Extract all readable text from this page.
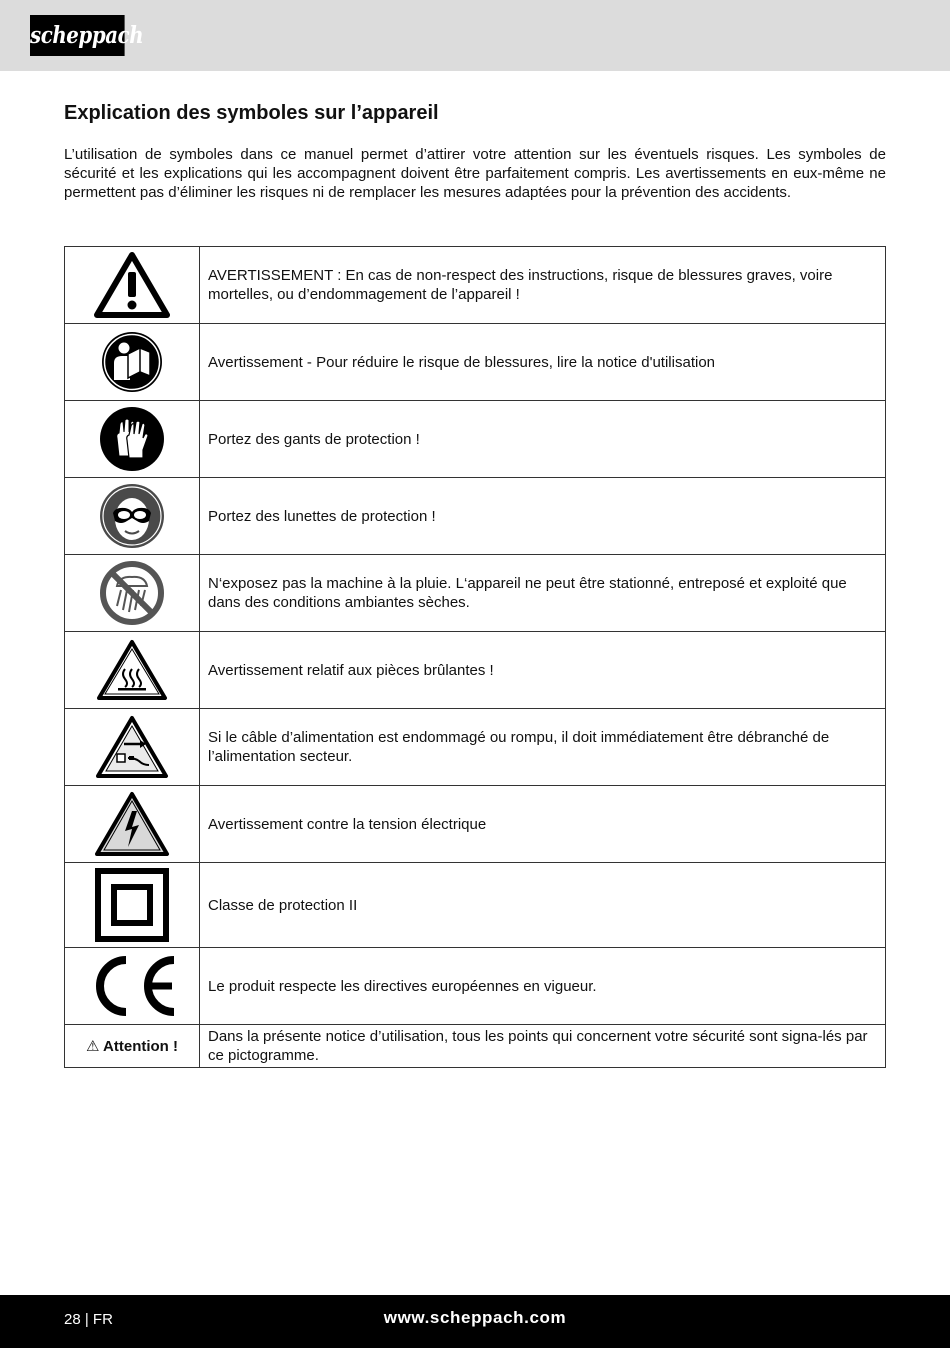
scheppach
Explication des symboles sur l’appareil

L’utilisation de symboles dans ce manuel permet d’attirer votre attention sur les éventuels risques. Les symboles de sécurité et les explications qui les accompagnent doivent être parfaitement compris. Les avertissements en eux-même ne permettent pas d’éliminer les risques ni de remplacer les mesures adaptées pour la prévention des accidents.

	AVERTISSEMENT : En cas de non-respect des instructions, risque de blessures graves, voire mortelles, ou d’endommagement de l’appareil !

	Avertissement - Pour réduire le risque de blessures, lire la notice d'utilisation

	Portez des gants de protection !

	Portez des lunettes de protection !

	N‘exposez pas la machine à la pluie. L‘appareil ne peut être stationné, entreposé et exploité que dans des conditions ambiantes sèches.

	Avertissement relatif aux pièces brûlantes !

	Si le câble d’alimentation est endommagé ou rompu, il doit immédiatement être débranché de l’alimentation secteur.

	Avertissement contre la tension électrique

	Classe de protection II

	Le produit respecte les directives européennes en vigueur.
⚠ Attention !	Dans la présente notice d’utilisation, tous les points qui concernent votre sécurité sont signa-lés par ce pictogramme.
28 | FR	www.scheppach.com
